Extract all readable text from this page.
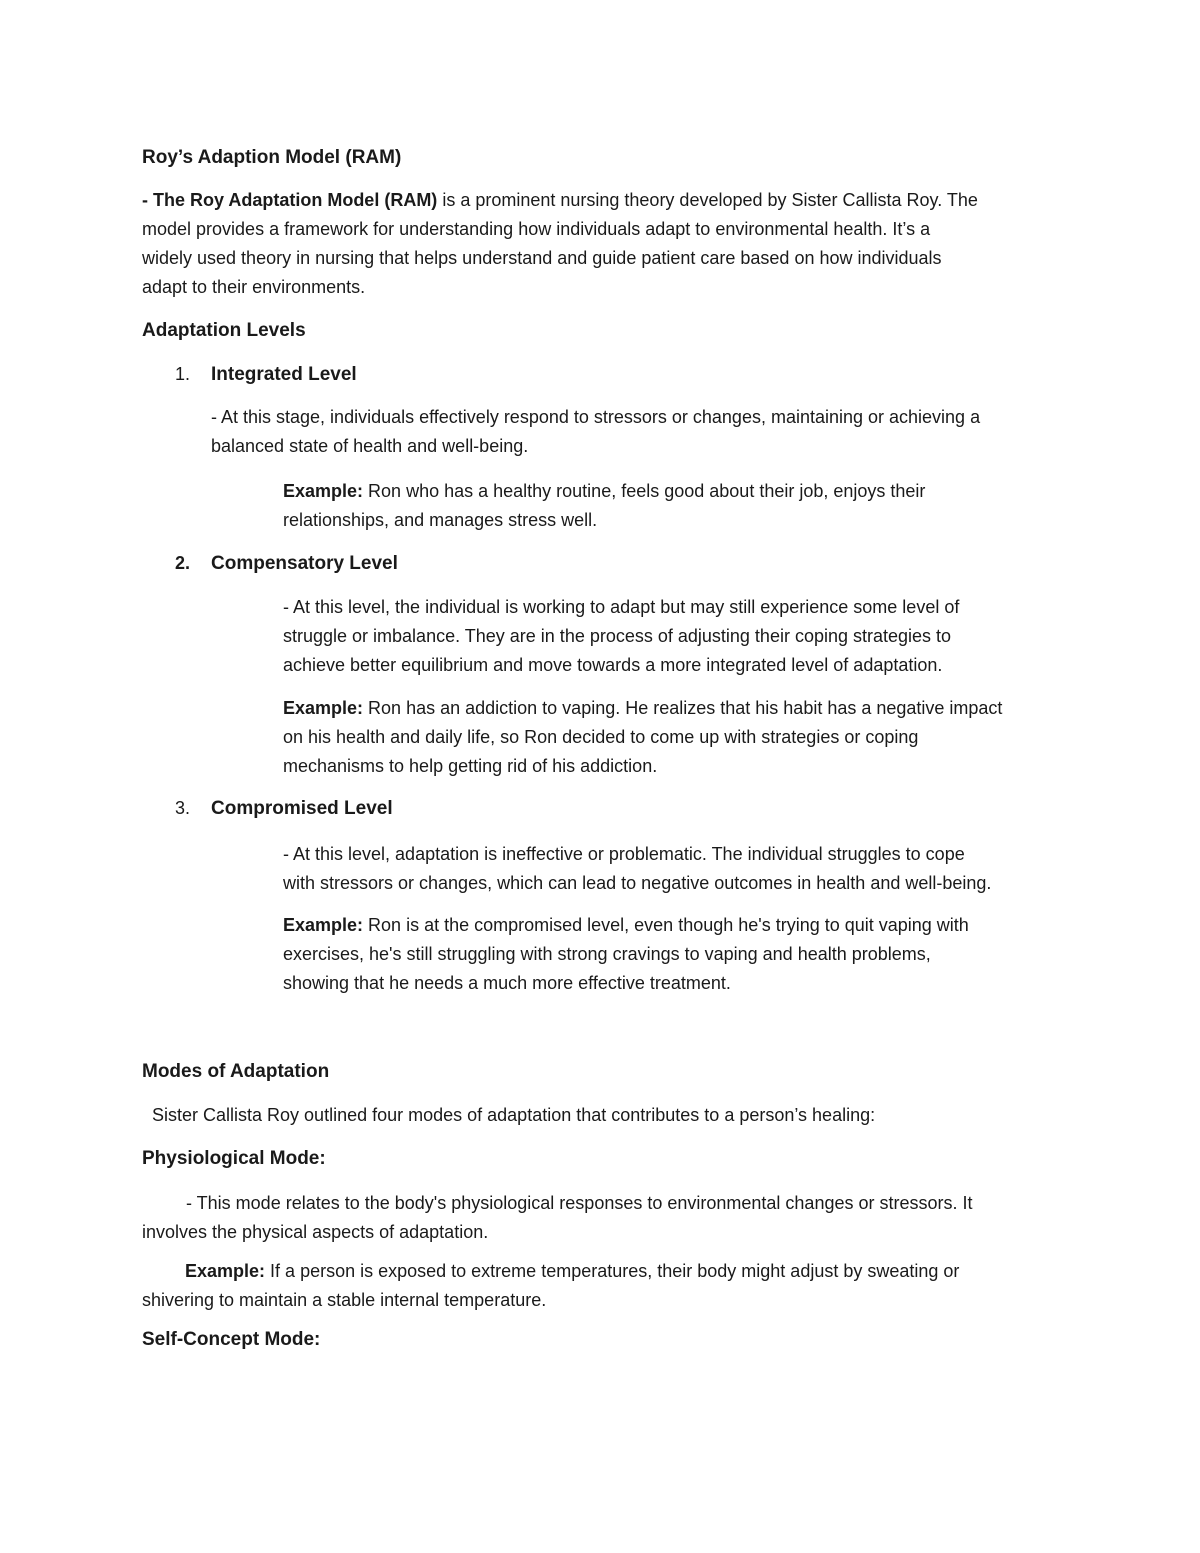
Roy’s Adaption Model (RAM)
- The Roy Adaptation Model (RAM) is a prominent nursing theory developed by Sister Callista Roy. The
model provides a framework for understanding how individuals adapt to environmental health. It’s a
widely used theory in nursing that helps understand and guide patient care based on how individuals
adapt to their environments.
Adaptation Levels
1. Integrated Level
- At this stage, individuals effectively respond to stressors or changes, maintaining or achieving a
balanced state of health and well-being.
Example: Ron who has a healthy routine, feels good about their job, enjoys their
relationships, and manages stress well.
2. Compensatory Level
- At this level, the individual is working to adapt but may still experience some level of
struggle or imbalance. They are in the process of adjusting their coping strategies to
achieve better equilibrium and move towards a more integrated level of adaptation.
Example: Ron has an addiction to vaping. He realizes that his habit has a negative impact
on his health and daily life, so Ron decided to come up with strategies or coping
mechanisms to help getting rid of his addiction.
3. Compromised Level
- At this level, adaptation is ineffective or problematic. The individual struggles to cope
with stressors or changes, which can lead to negative outcomes in health and well-being.
Example: Ron is at the compromised level, even though he's trying to quit vaping with
exercises, he's still struggling with strong cravings to vaping and health problems,
showing that he needs a much more effective treatment.
Modes of Adaptation
Sister Callista Roy outlined four modes of adaptation that contributes to a person’s healing:
Physiological Mode:
- This mode relates to the body's physiological responses to environmental changes or stressors. It
involves the physical aspects of adaptation.
Example: If a person is exposed to extreme temperatures, their body might adjust by sweating or
shivering to maintain a stable internal temperature.
Self-Concept Mode:
